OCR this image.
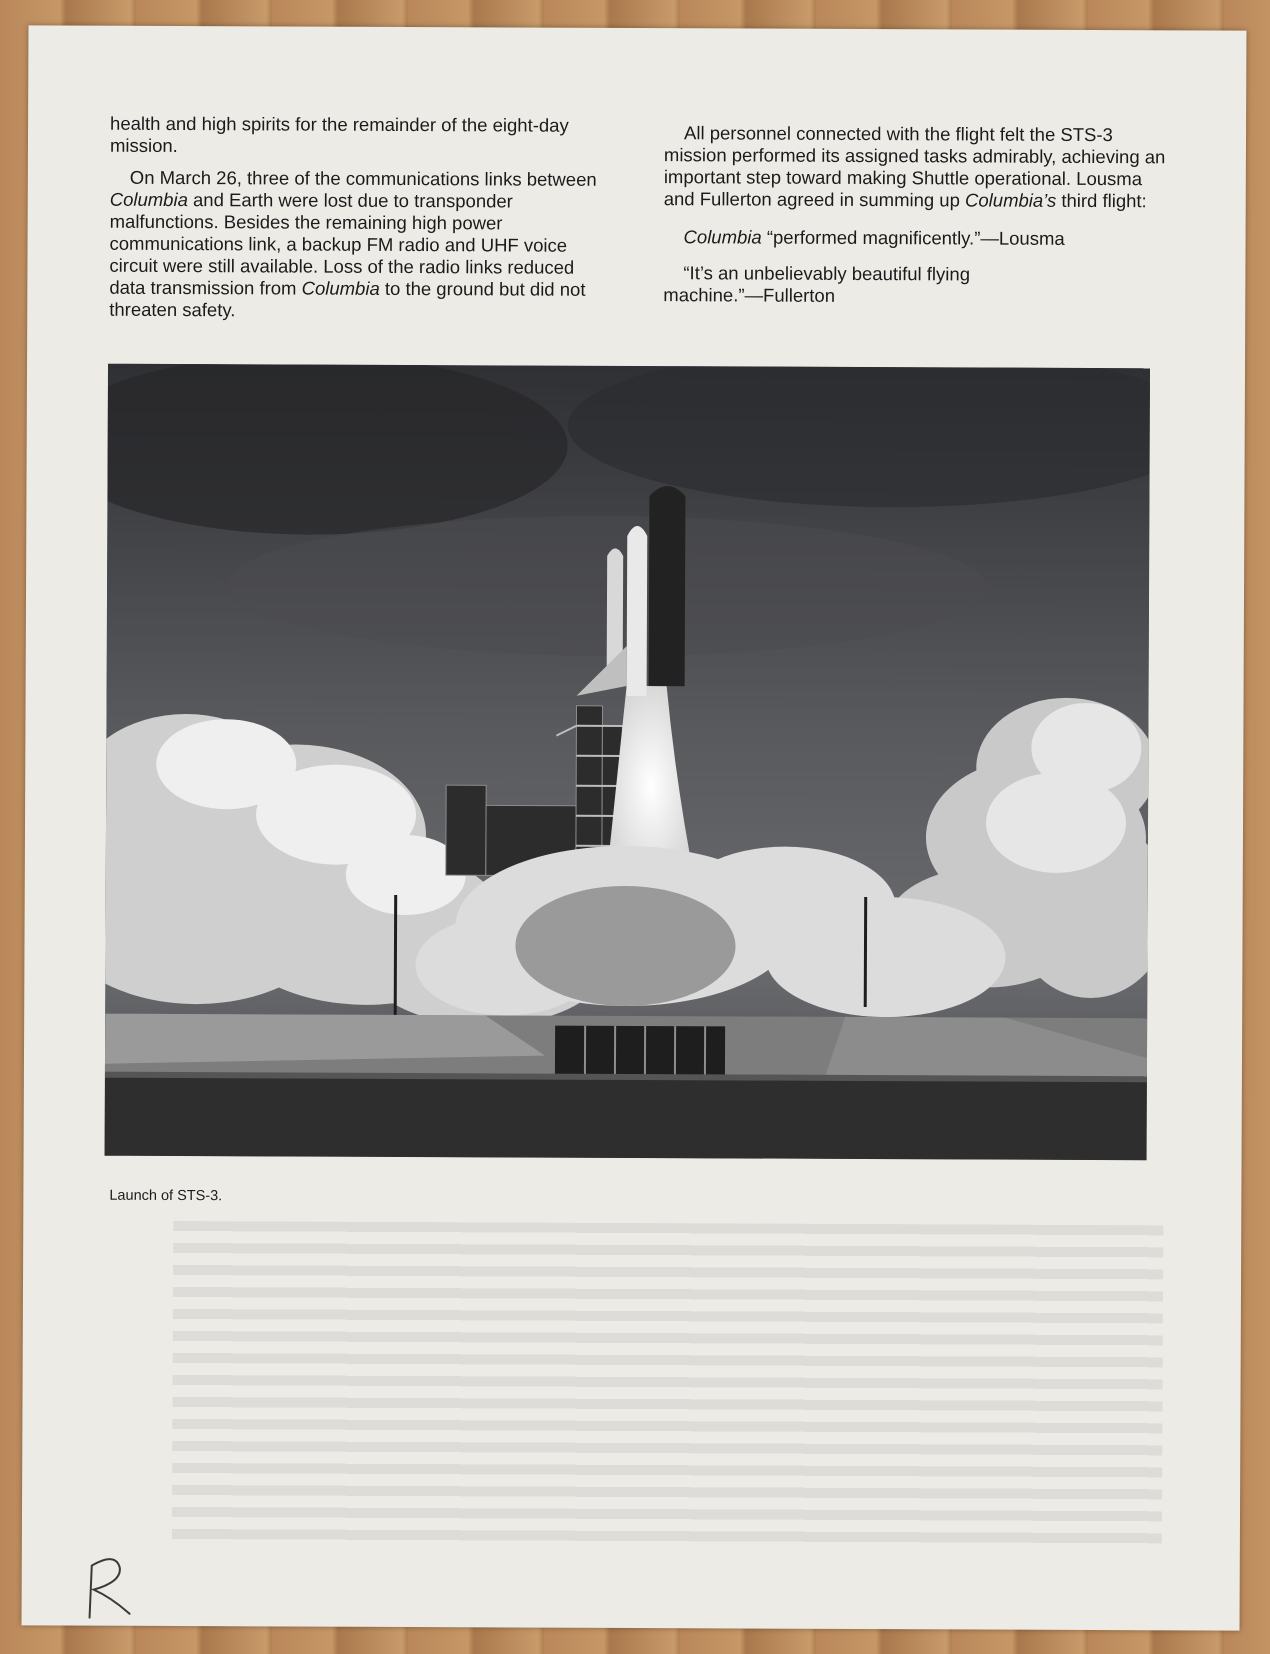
health and high spirits for the remainder of the eight-day mission.

On March 26, three of the communications links between Columbia and Earth were lost due to transponder malfunctions. Besides the remaining high power communications link, a backup FM radio and UHF voice circuit were still available. Loss of the radio links reduced data transmission from Columbia to the ground but did not threaten safety.

All personnel connected with the flight felt the STS-3 mission performed its assigned tasks admirably, achieving an important step toward making Shuttle operational. Lousma and Fullerton agreed in summing up Columbia’s third flight:

Columbia “performed magnificently.”—Lousma

“It’s an unbelievably beautiful flying machine.”—Fullerton

Launch of STS-3.
